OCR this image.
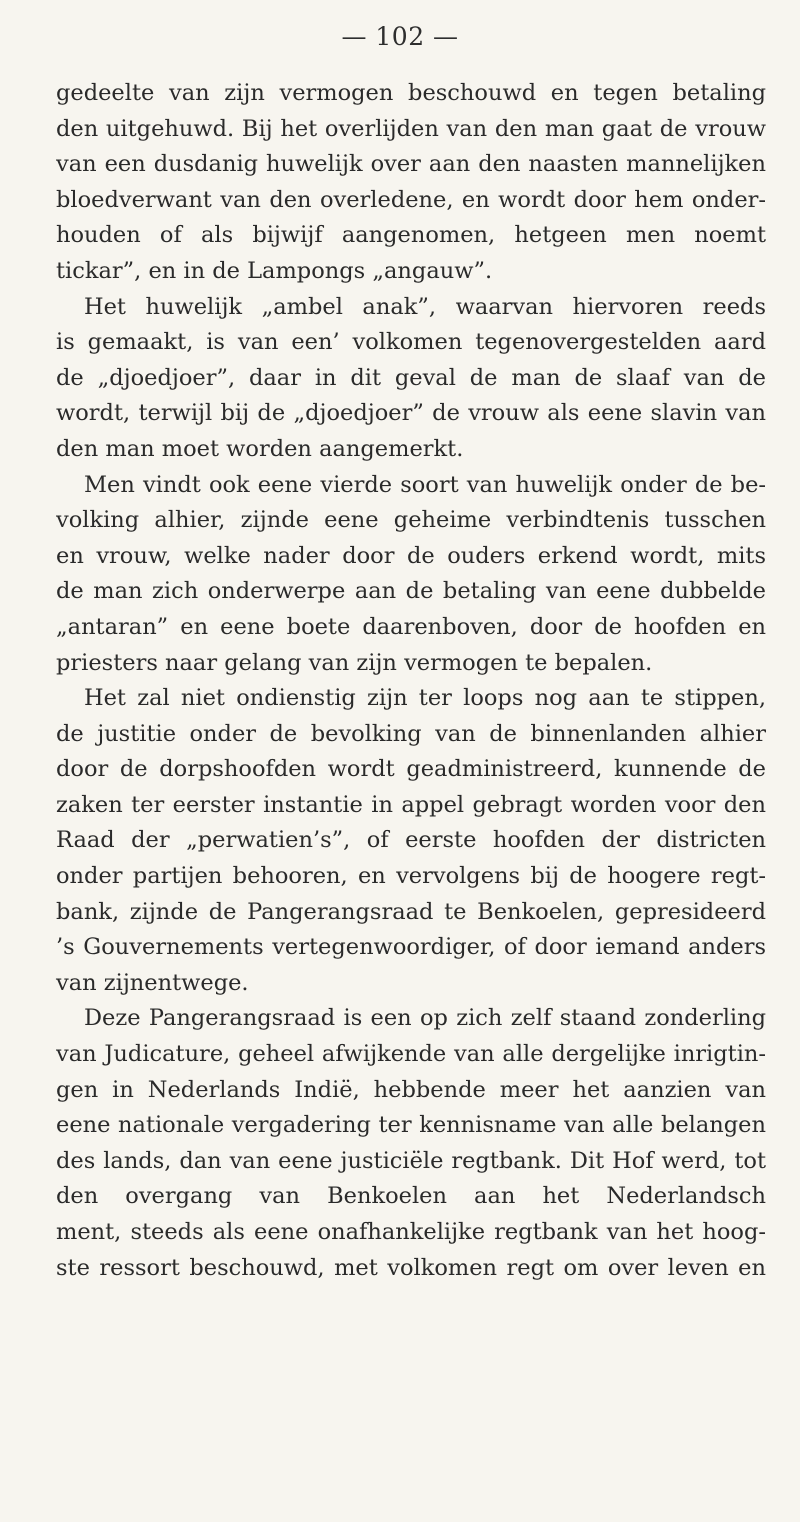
— 102 —
gedeelte van zijn vermogen beschouwd en tegen betaling
den uitgehuwd. Bij het overlijden van den man gaat de vrouw
van een dusdanig huwelijk over aan den naasten mannelijken
bloedverwant van den overledene, en wordt door hem onder-
houden of als bijwijf aangenomen, hetgeen men noemt
tickar”, en in de Lampongs „angauw”.
Het huwelijk „ambel anak”, waarvan hiervoren reeds
is gemaakt, is van een’ volkomen tegenovergestelden aard
de „djoedjoer”, daar in dit geval de man de slaaf van de
wordt, terwijl bij de „djoedjoer” de vrouw als eene slavin van
den man moet worden aangemerkt.
Men vindt ook eene vierde soort van huwelijk onder de be-
volking alhier, zijnde eene geheime verbindtenis tusschen
en vrouw, welke nader door de ouders erkend wordt, mits
de man zich onderwerpe aan de betaling van eene dubbelde
„antaran” en eene boete daarenboven, door de hoofden en
priesters naar gelang van zijn vermogen te bepalen.
Het zal niet ondienstig zijn ter loops nog aan te stippen,
de justitie onder de bevolking van de binnenlanden alhier
door de dorpshoofden wordt geadministreerd, kunnende de
zaken ter eerster instantie in appel gebragt worden voor den
Raad der „perwatien’s”, of eerste hoofden der districten
onder partijen behooren, en vervolgens bij de hoogere regt-
bank, zijnde de Pangerangsraad te Benkoelen, gepresideerd
’s Gouvernements vertegenwoordiger, of door iemand anders
van zijnentwege.
Deze Pangerangsraad is een op zich zelf staand zonderling
van Judicature, geheel afwijkende van alle dergelijke inrigtin-
gen in Nederlands Indië, hebbende meer het aanzien van
eene nationale vergadering ter kennisname van alle belangen
des lands, dan van eene justiciële regtbank. Dit Hof werd, tot
den overgang van Benkoelen aan het Nederlandsch
ment, steeds als eene onafhankelijke regtbank van het hoog-
ste ressort beschouwd, met volkomen regt om over leven en
